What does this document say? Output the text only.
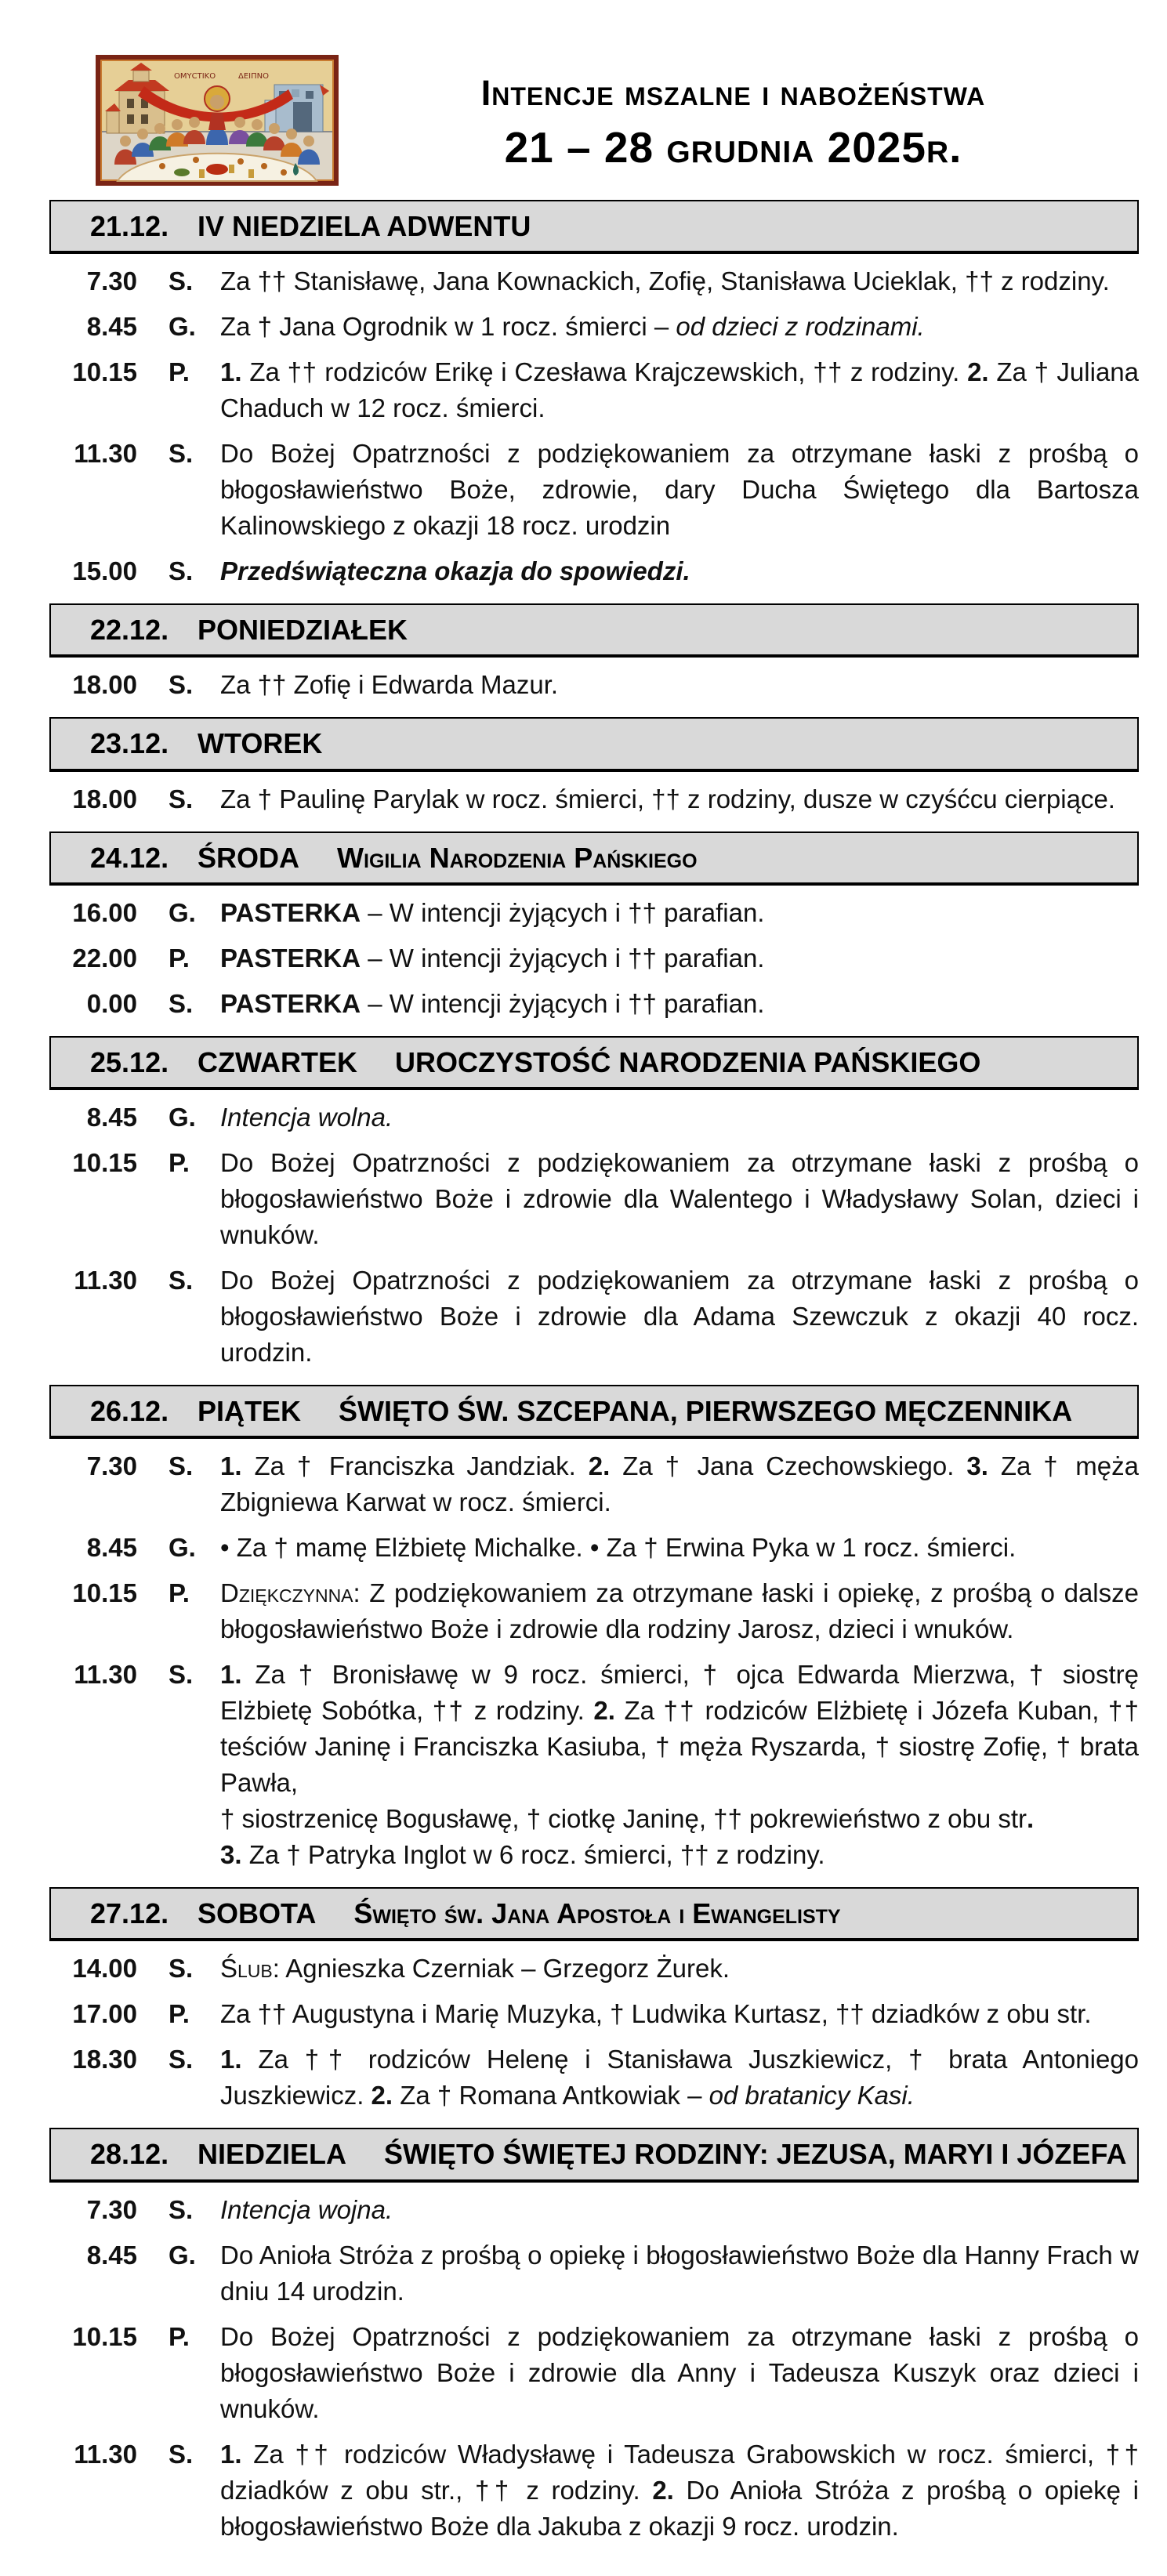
ΟΜΥCΤΙΚΟ	ΔΕΙΠΝΟ	Intencje mszalne i nabożeństwa
21 – 28 grudnia 2025r.
21.12. IV NIEDZIELA ADWENTU
7.30 S.	Za †† Stanisławę, Jana Kownackich, Zofię, Stanisława Ucieklak, †† z rodziny.

8.45 G. Za † Jana Ogrodnik w 1 rocz. śmierci – od dzieci z rodzinami.

10.15 P.	1. Za †† rodziców Erikę i Czesława Krajczewskich, †† z rodziny. 2. Za † Juliana Chaduch w 12 rocz. śmierci.

11.30 S.	Do Bożej Opatrzności z podziękowaniem za otrzymane łaski z prośbą o błogosławieństwo Boże, zdrowie, dary Ducha Świętego dla Bartosza Kalinowskiego z okazji 18 rocz. urodzin

15.00 S.	Przedświąteczna okazja do spowiedzi.

22.12. PONIEDZIAŁEK
18.00 S.	Za †† Zofię i Edwarda Mazur.

23.12. WTOREK
18.00 S.	Za † Paulinę Parylak w rocz. śmierci, †† z rodziny, dusze w czyśćcu cierpiące.

24.12. ŚRODA Wigilia Narodzenia Pańskiego
16.00 G. PASTERKA – W intencji żyjących i †† parafian.

22.00 P.	PASTERKA – W intencji żyjących i †† parafian.

0.00 S.	PASTERKA – W intencji żyjących i †† parafian.

25.12. CZWARTEK UROCZYSTOŚĆ NARODZENIA PAŃSKIEGO
8.45 G. Intencja wolna.

10.15 P.	Do Bożej Opatrzności z podziękowaniem za otrzymane łaski z prośbą o błogosławieństwo Boże i zdrowie dla Walentego i Władysławy Solan, dzieci i wnuków.

11.30 S.	Do Bożej Opatrzności z podziękowaniem za otrzymane łaski z prośbą o błogosławieństwo Boże i zdrowie dla Adama Szewczuk z okazji 40 rocz. urodzin.

26.12. PIĄTEK ŚWIĘTO ŚW. SZCEPANA, PIERWSZEGO MĘCZENNIKA
7.30 S.	1. Za † Franciszka Jandziak. 2. Za † Jana Czechowskiego. 3. Za † męża Zbigniewa Karwat w rocz. śmierci.

8.45 G. • Za † mamę Elżbietę Michalke. • Za † Erwina Pyka w 1 rocz. śmierci.

10.15 P.	Dziękczynna: Z podziękowaniem za otrzymane łaski i opiekę, z prośbą o dalsze błogosławieństwo Boże i zdrowie dla rodziny Jarosz, dzieci i wnuków.

11.30 S.	1. Za † Bronisławę w 9 rocz. śmierci, † ojca Edwarda Mierzwa, † siostrę Elżbietę Sobótka, †† z rodziny. 2. Za †† rodziców Elżbietę i Józefa Kuban, †† teściów Janinę i Franciszka Kasiuba, † męża Ryszarda, † siostrę Zofię, † brata Pawła,
† siostrzenicę Bogusławę, † ciotkę Janinę, †† pokrewieństwo z obu str.
3. Za † Patryka Inglot w 6 rocz. śmierci, †† z rodziny.

27.12. SOBOTA Święto św. Jana Apostoła i Ewangelisty
14.00 S.	Ślub: Agnieszka Czerniak – Grzegorz Żurek.

17.00 P.	Za †† Augustyna i Marię Muzyka, † Ludwika Kurtasz, †† dziadków z obu str.

18.30 S.	1. Za †† rodziców Helenę i Stanisława Juszkiewicz, † brata Antoniego Juszkiewicz. 2. Za † Romana Antkowiak – od bratanicy Kasi.

28.12. NIEDZIELA ŚWIĘTO ŚWIĘTEJ RODZINY: JEZUSA, MARYI I JÓZEFA
7.30 S.	Intencja wojna.

8.45 G. Do Anioła Stróża z prośbą o opiekę i błogosławieństwo Boże dla Hanny Frach w dniu 14 urodzin.

10.15 P.	Do Bożej Opatrzności z podziękowaniem za otrzymane łaski z prośbą o błogosławieństwo Boże i zdrowie dla Anny i Tadeusza Kuszyk oraz dzieci i wnuków.

11.30 S.	1. Za †† rodziców Władysławę i Tadeusza Grabowskich w rocz. śmierci, †† dziadków z obu str., †† z rodziny. 2. Do Anioła Stróża z prośbą o opiekę i błogosławieństwo Boże dla Jakuba z okazji 9 rocz. urodzin.
